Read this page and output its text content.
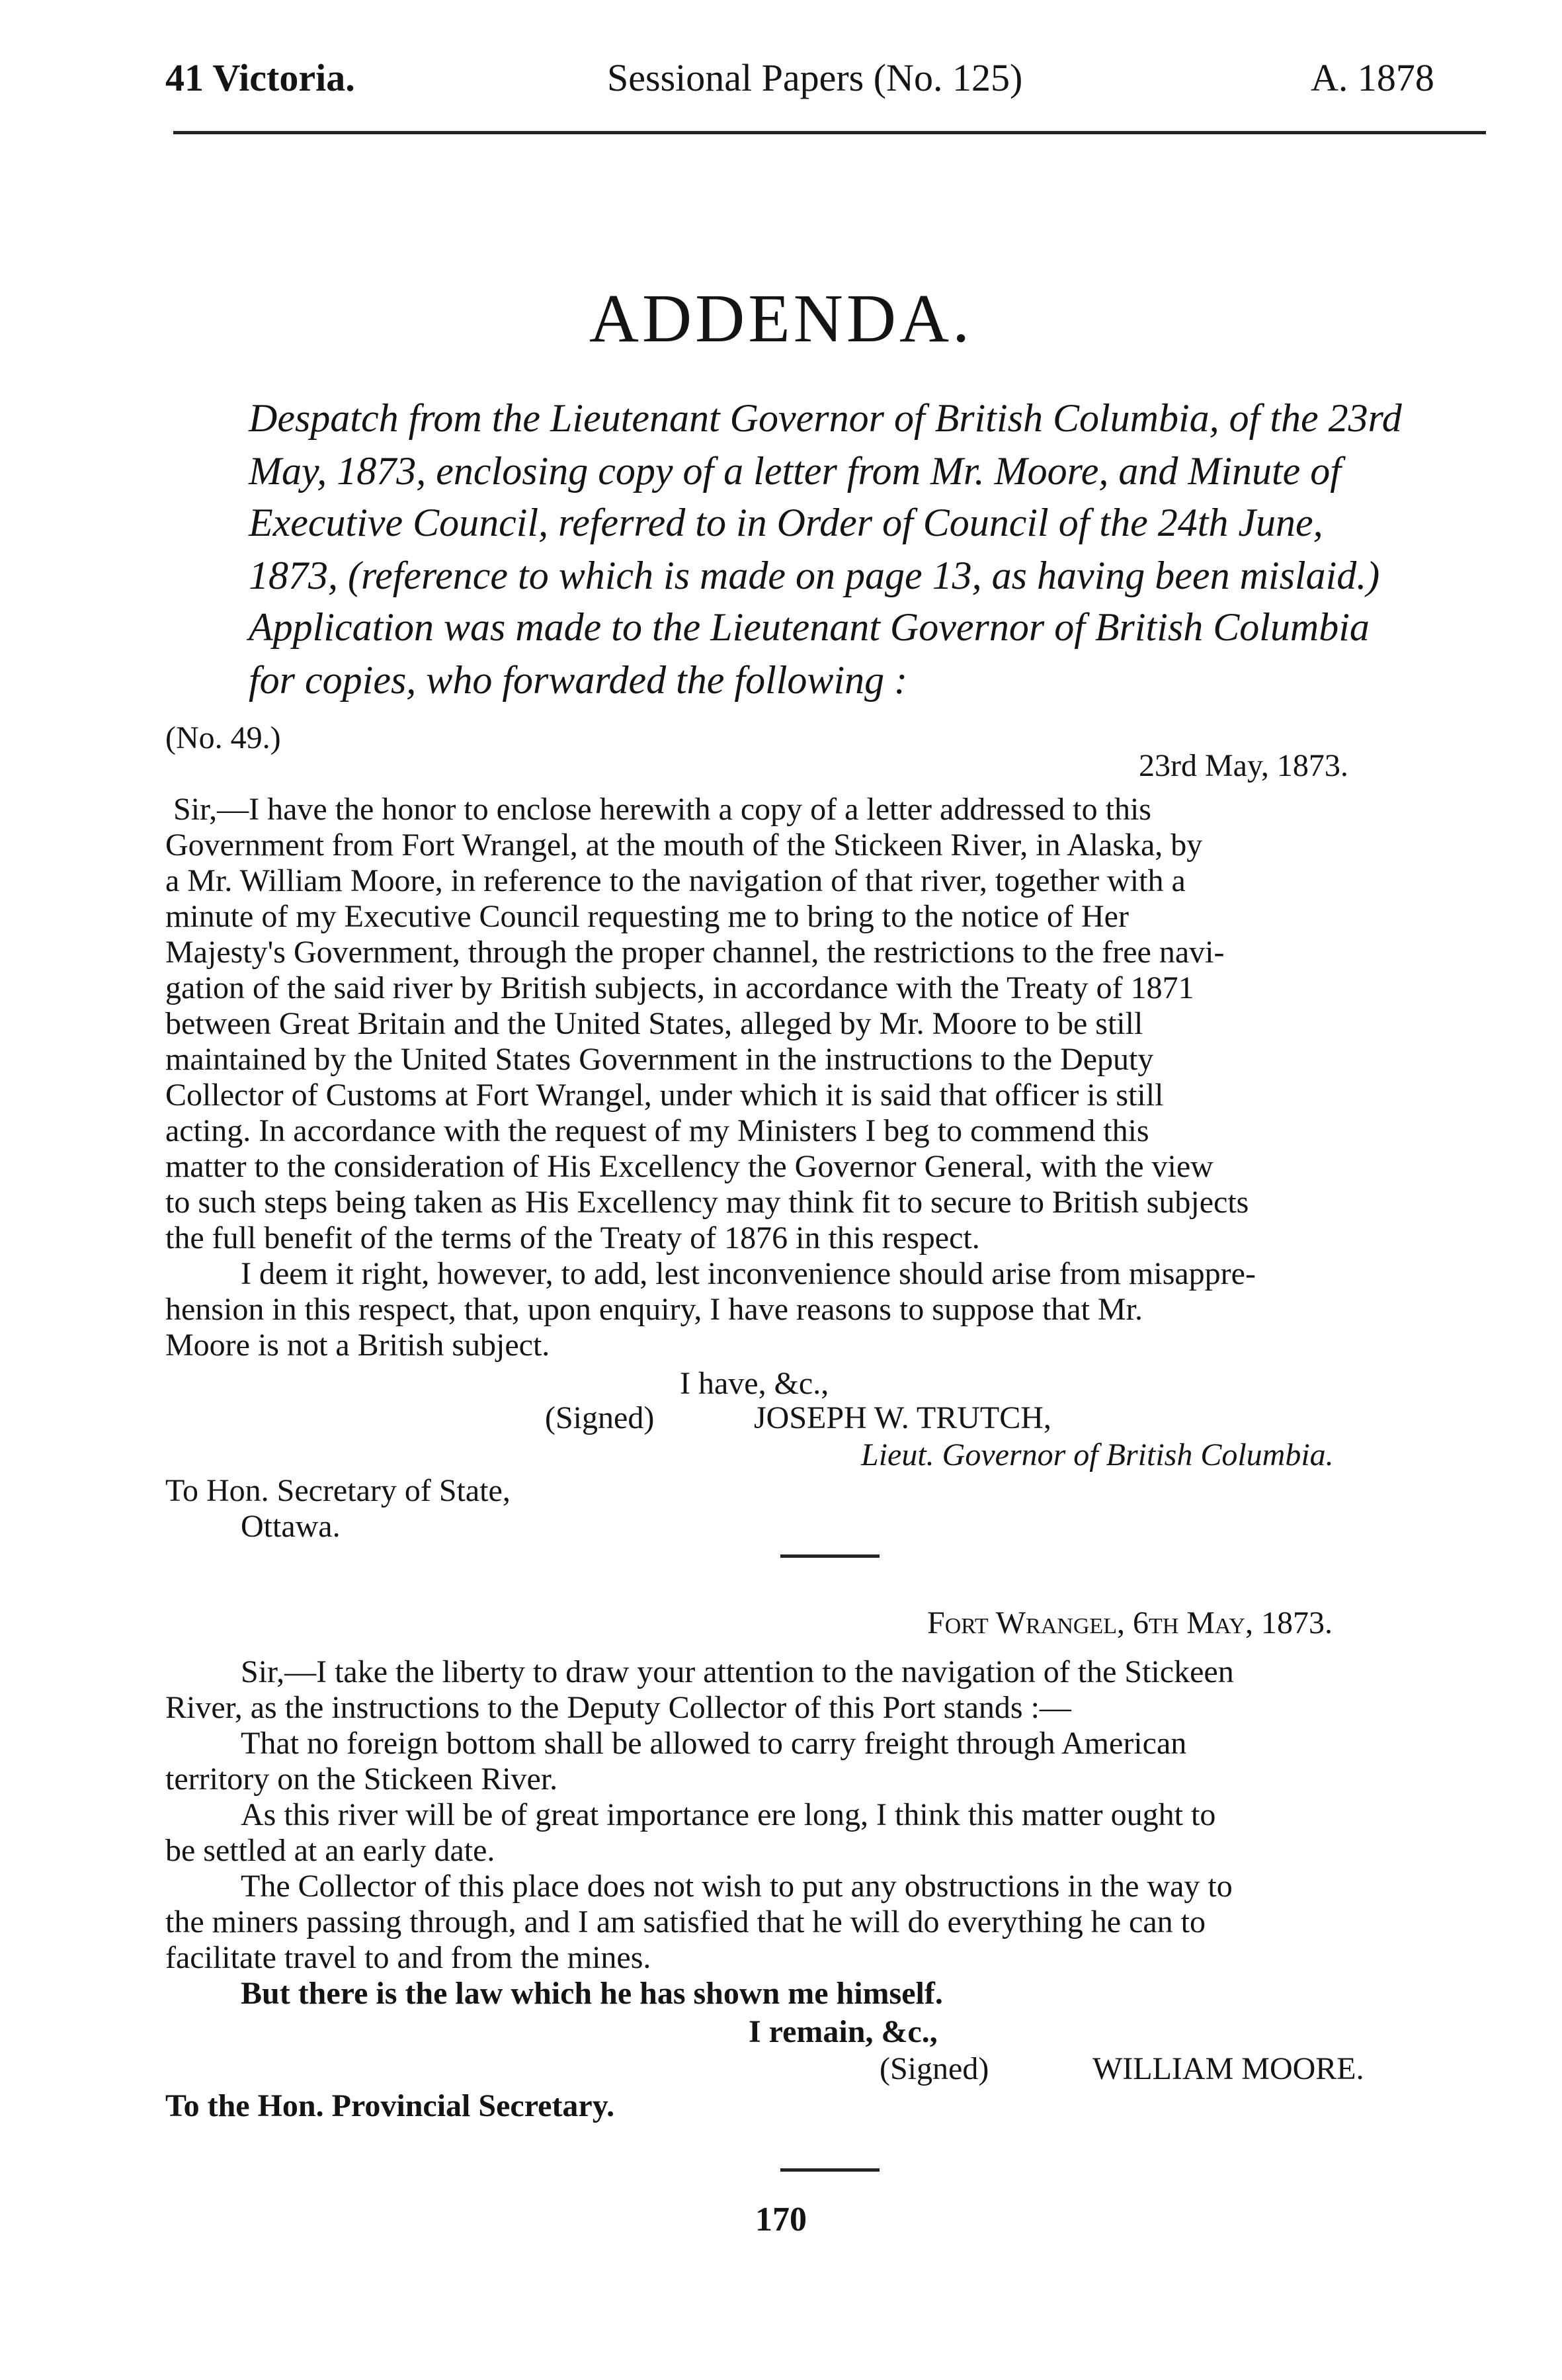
41 Victoria.	Sessional Papers (No. 125)	A. 1878
ADDENDA.
Despatch from the Lieutenant Governor of British Columbia, of the 23rd
May, 1873, enclosing copy of a letter from Mr. Moore, and Minute of
Executive Council, referred to in Order of Council of the 24th June,
1873, (reference to which is made on page 13, as having been mislaid.)
Application was made to the Lieutenant Governor of British Columbia
for copies, who forwarded the following :
(No. 49.)
23rd May, 1873.
Sir,—I have the honor to enclose herewith a copy of a letter addressed to this
Government from Fort Wrangel, at the mouth of the Stickeen River, in Alaska, by
a Mr. William Moore, in reference to the navigation of that river, together with a
minute of my Executive Council requesting me to bring to the notice of Her
Majesty's Government, through the proper channel, the restrictions to the free navi-
gation of the said river by British subjects, in accordance with the Treaty of 1871
between Great Britain and the United States, alleged by Mr. Moore to be still
maintained by the United States Government in the instructions to the Deputy
Collector of Customs at Fort Wrangel, under which it is said that officer is still
acting. In accordance with the request of my Ministers I beg to commend this
matter to the consideration of His Excellency the Governor General, with the view
to such steps being taken as His Excellency may think fit to secure to British subjects
the full benefit of the terms of the Treaty of 1876 in this respect.
I deem it right, however, to add, lest inconvenience should arise from misappre-
hension in this respect, that, upon enquiry, I have reasons to suppose that Mr.
Moore is not a British subject.
I have, &c.,
(Signed)	JOSEPH W. TRUTCH,
Lieut. Governor of British Columbia.
To Hon. Secretary of State,
Ottawa.
Fort Wrangel, 6th May, 1873.
Sir,—I take the liberty to draw your attention to the navigation of the Stickeen
River, as the instructions to the Deputy Collector of this Port stands :—
That no foreign bottom shall be allowed to carry freight through American
territory on the Stickeen River.
As this river will be of great importance ere long, I think this matter ought to
be settled at an early date.
The Collector of this place does not wish to put any obstructions in the way to
the miners passing through, and I am satisfied that he will do everything he can to
facilitate travel to and from the mines.
But there is the law which he has shown me himself.
I remain, &c.,
(Signed)	WILLIAM MOORE.
To the Hon. Provincial Secretary.
170
